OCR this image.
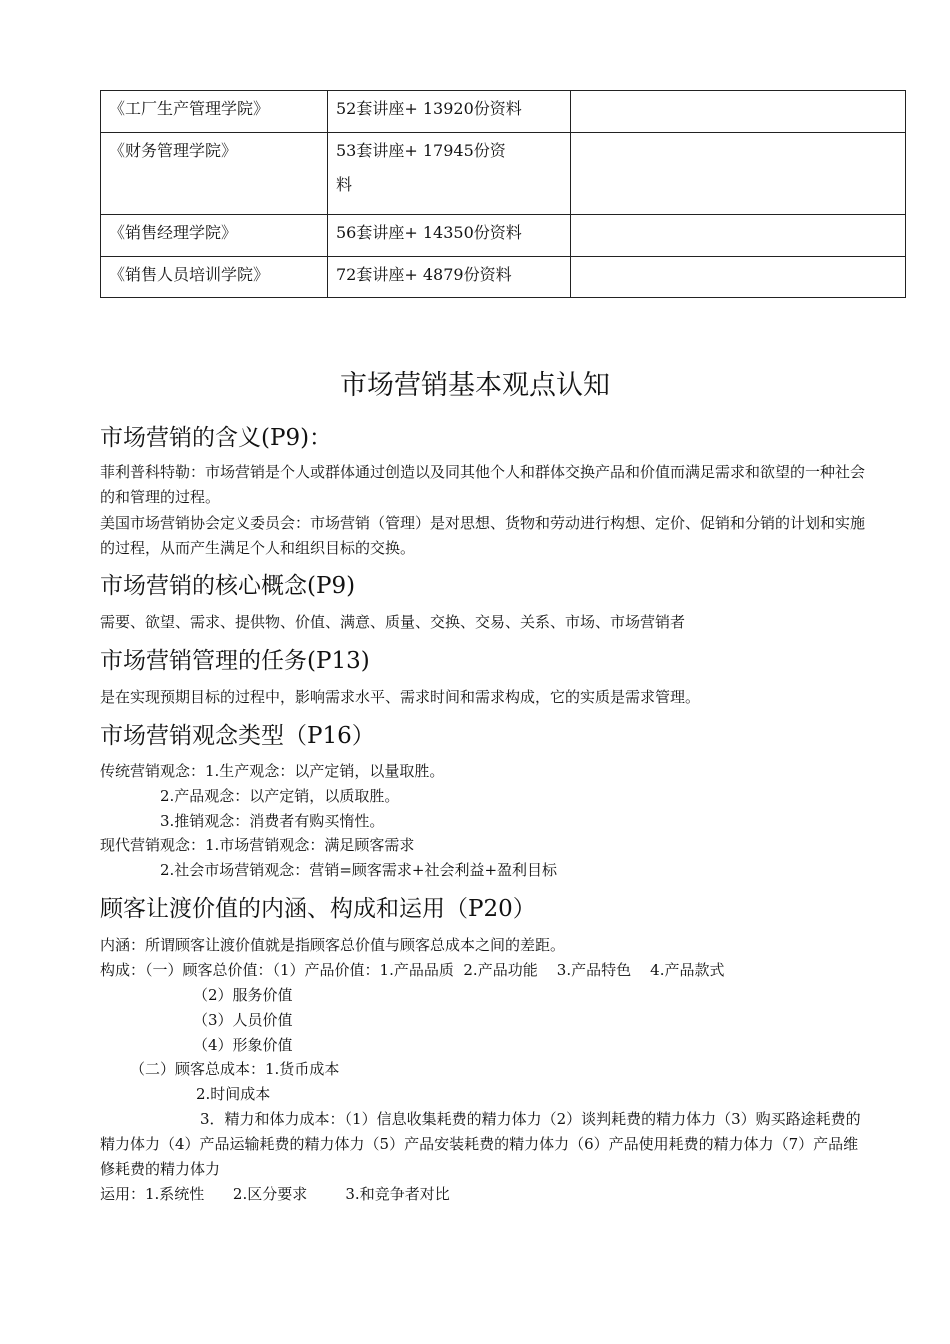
《工厂生产管理学院》	52套讲座+ 13920份资料	
《财务管理学院》	53套讲座+ 17945份资
料	

《销售经理学院》	56套讲座+ 14350份资料	
《销售人员培训学院》	72套讲座+ 4879份资料	
市场营销基本观点认知
市场营销的含义(P9)：

菲利普科特勒：市场营销是个人或群体通过创造以及同其他个人和群体交换产品和价值而满足需求和欲望的一种社会的和管理的过程。

美国市场营销协会定义委员会：市场营销（管理）是对思想、货物和劳动进行构想、定价、促销和分销的计划和实施的过程，从而产生满足个人和组织目标的交换。

市场营销的核心概念(P9)

需要、欲望、需求、提供物、价值、满意、质量、交换、交易、关系、市场、市场营销者

市场营销管理的任务(P13)

是在实现预期目标的过程中，影响需求水平、需求时间和需求构成，它的实质是需求管理。

市场营销观念类型（P16）
传统营销观念：1.生产观念：以产定销，以量取胜。
2.产品观念：以产定销，以质取胜。
3.推销观念：消费者有购买惰性。
现代营销观念：1.市场营销观念：满足顾客需求
2.社会市场营销观念：营销=顾客需求+社会利益+盈利目标
顾客让渡价值的内涵、构成和运用（P20）
内涵：所谓顾客让渡价值就是指顾客总价值与顾客总成本之间的差距。
构成：（一）顾客总价值：（1）产品价值：1.产品品质  2.产品功能    3.产品特色    4.产品款式
（2）服务价值
（3）人员价值
（4）形象价值
（二）顾客总成本：1.货币成本
2.时间成本

3．精力和体力成本：（1）信息收集耗费的精力体力（2）谈判耗费的精力体力（3）购买路途耗费的精力体力（4）产品运输耗费的精力体力（5）产品安装耗费的精力体力（6）产品使用耗费的精力体力（7）产品维修耗费的精力体力

运用：1.系统性      2.区分要求        3.和竞争者对比
